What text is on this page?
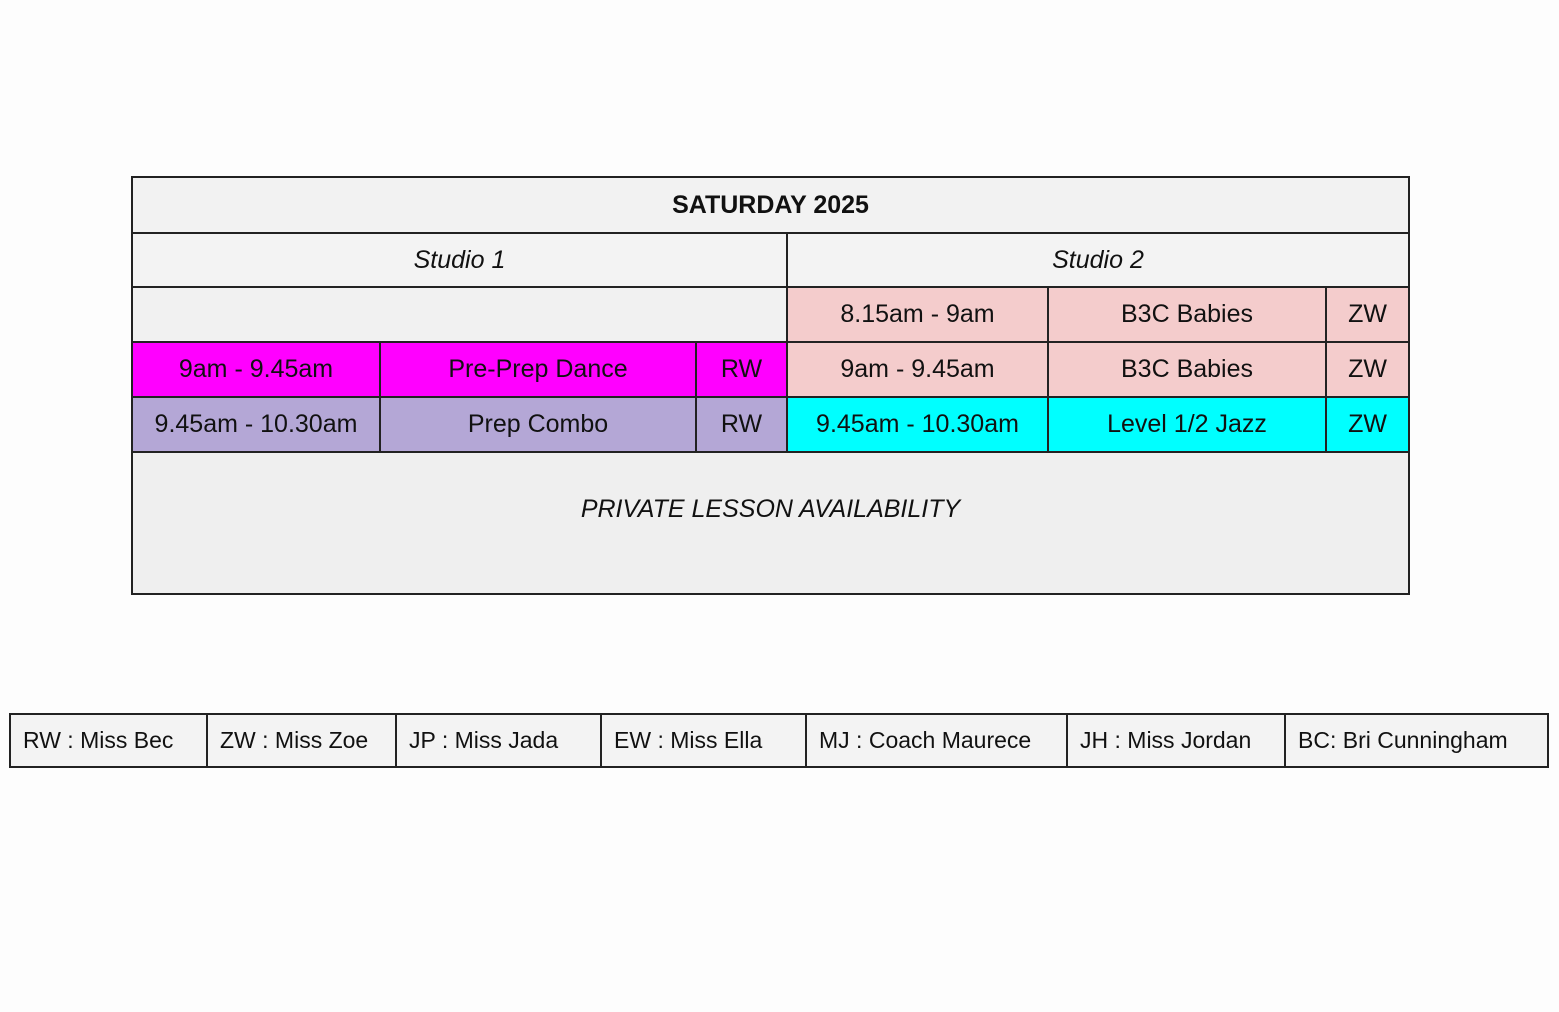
SATURDAY 2025					
Studio 1			Studio 2		
			8.15am - 9am	B3C Babies	ZW
9am - 9.45am	Pre-Prep Dance	RW	9am - 9.45am	B3C Babies	ZW
9.45am - 10.30am	Prep Combo	RW	9.45am - 10.30am	Level 1/2 Jazz	ZW
PRIVATE LESSON AVAILABILITY					
RW : Miss Bec	ZW : Miss Zoe	JP : Miss Jada	EW : Miss Ella	MJ : Coach Maurece	JH : Miss Jordan	BC: Bri Cunningham
